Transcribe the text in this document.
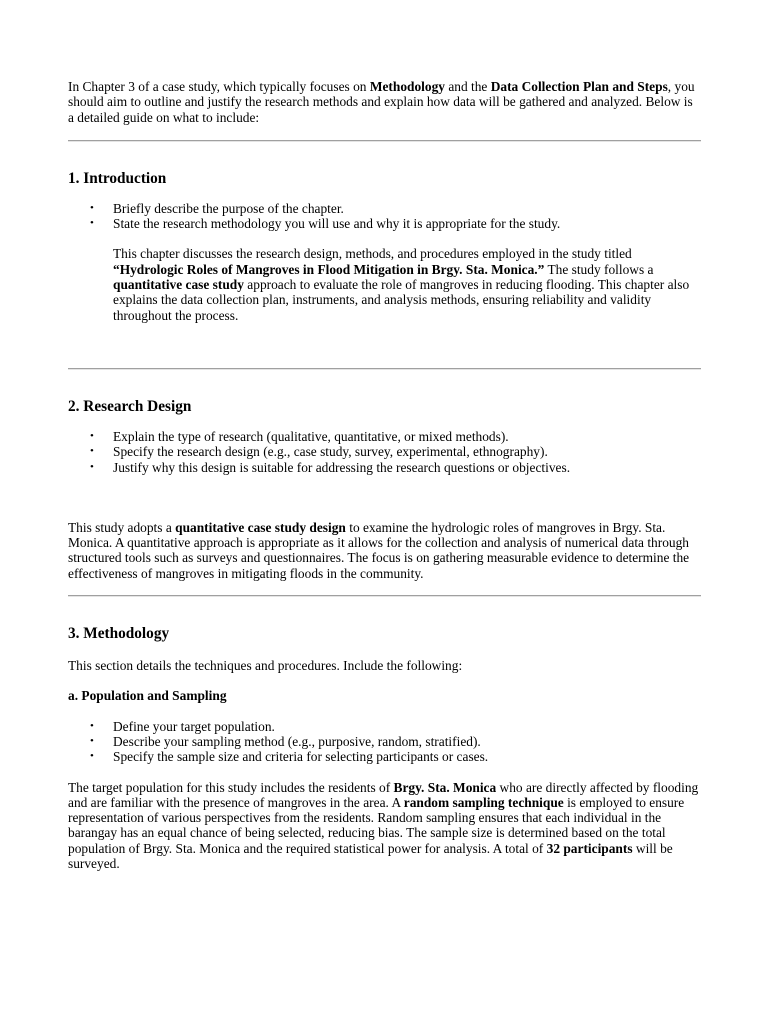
In Chapter 3 of a case study, which typically focuses on Methodology and the Data Collection Plan and Steps, you should aim to outline and justify the research methods and explain how data will be gathered and analyzed. Below is a detailed guide on what to include:

1. Introduction
• Briefly describe the purpose of the chapter.
• State the research methodology you will use and why it is appropriate for the study.

This chapter discusses the research design, methods, and procedures employed in the study titled “Hydrologic Roles of Mangroves in Flood Mitigation in Brgy. Sta. Monica.” The study follows a quantitative case study approach to evaluate the role of mangroves in reducing flooding. This chapter also explains the data collection plan, instruments, and analysis methods, ensuring reliability and validity throughout the process.

2. Research Design
• Explain the type of research (qualitative, quantitative, or mixed methods).
• Specify the research design (e.g., case study, survey, experimental, ethnography).
• Justify why this design is suitable for addressing the research questions or objectives.

This study adopts a quantitative case study design to examine the hydrologic roles of mangroves in Brgy. Sta. Monica. A quantitative approach is appropriate as it allows for the collection and analysis of numerical data through structured tools such as surveys and questionnaires. The focus is on gathering measurable evidence to determine the effectiveness of mangroves in mitigating floods in the community.

3. Methodology

This section details the techniques and procedures. Include the following:

a. Population and Sampling
• Define your target population.
• Describe your sampling method (e.g., purposive, random, stratified).
• Specify the sample size and criteria for selecting participants or cases.

The target population for this study includes the residents of Brgy. Sta. Monica who are directly affected by flooding and are familiar with the presence of mangroves in the area. A random sampling technique is employed to ensure representation of various perspectives from the residents. Random sampling ensures that each individual in the barangay has an equal chance of being selected, reducing bias. The sample size is determined based on the total population of Brgy. Sta. Monica and the required statistical power for analysis. A total of 32 participants will be surveyed.
